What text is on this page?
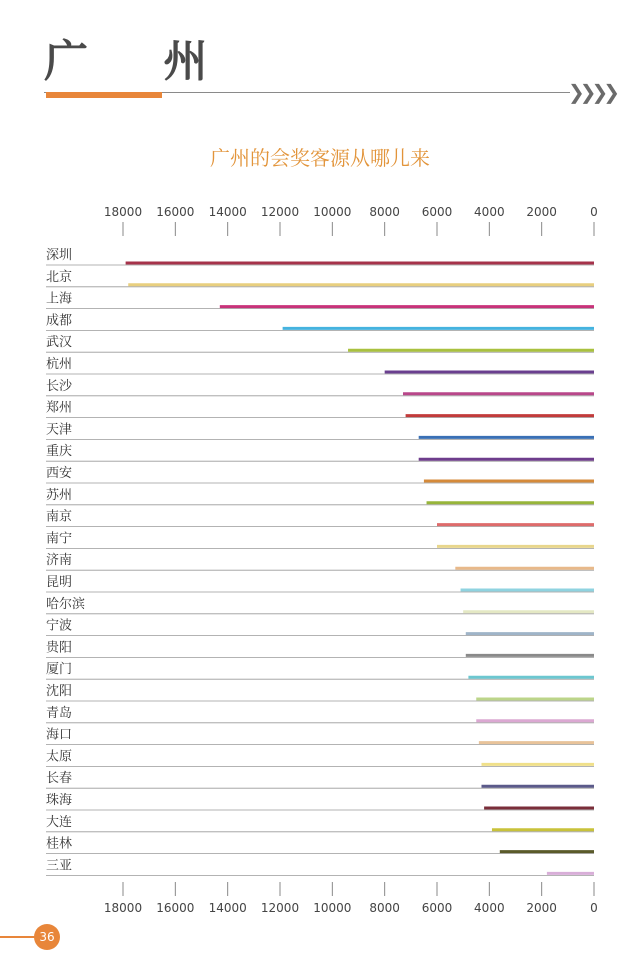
广 州
❯❯❯❯
广州的会奖客源从哪儿来
18000 16000 14000 12000 10000 8000 6000 4000 2000	0
18000 16000 14000 12000 10000 8000 6000 4000 2000	0
深圳
北京
上海
成都
武汉
杭州
长沙
郑州
天津
重庆
西安
苏州
南京
南宁
济南
昆明
哈尔滨
宁波
贵阳
厦门
沈阳
青岛
海口
太原
长春
珠海
大连
桂林
三亚
36
